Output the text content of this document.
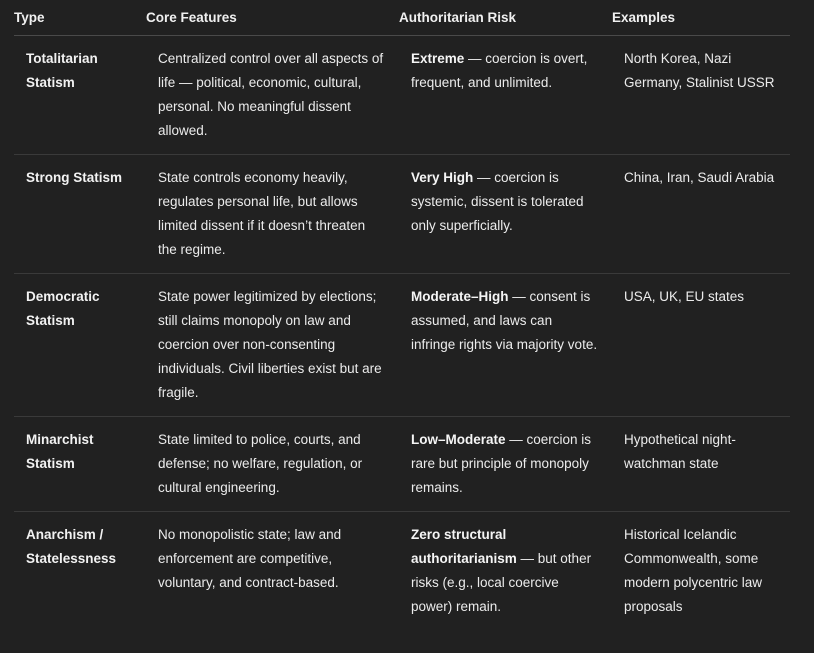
Type	Core Features	Authoritarian Risk	Examples
Totalitarian Statism	Centralized control over all aspects of life — political, economic, cultural, personal. No meaningful dissent allowed.	Extreme — coercion is overt, frequent, and unlimited.	North Korea, Nazi Germany, Stalinist USSR
Strong Statism	State controls economy heavily, regulates personal life, but allows limited dissent if it doesn’t threaten the regime.	Very High — coercion is systemic, dissent is tolerated only superficially.	China, Iran, Saudi Arabia
Democratic Statism	State power legitimized by elections; still claims monopoly on law and coercion over non-consenting individuals. Civil liberties exist but are fragile.	Moderate–High — consent is assumed, and laws can infringe rights via majority vote.	USA, UK, EU states
Minarchist Statism	State limited to police, courts, and defense; no welfare, regulation, or cultural engineering.	Low–Moderate — coercion is rare but principle of monopoly remains.	Hypothetical night-watchman state
Anarchism / Statelessness	No monopolistic state; law and enforcement are competitive, voluntary, and contract-based.	Zero structural authoritarianism — but other risks (e.g., local coercive power) remain.	Historical Icelandic Commonwealth, some modern polycentric law proposals
